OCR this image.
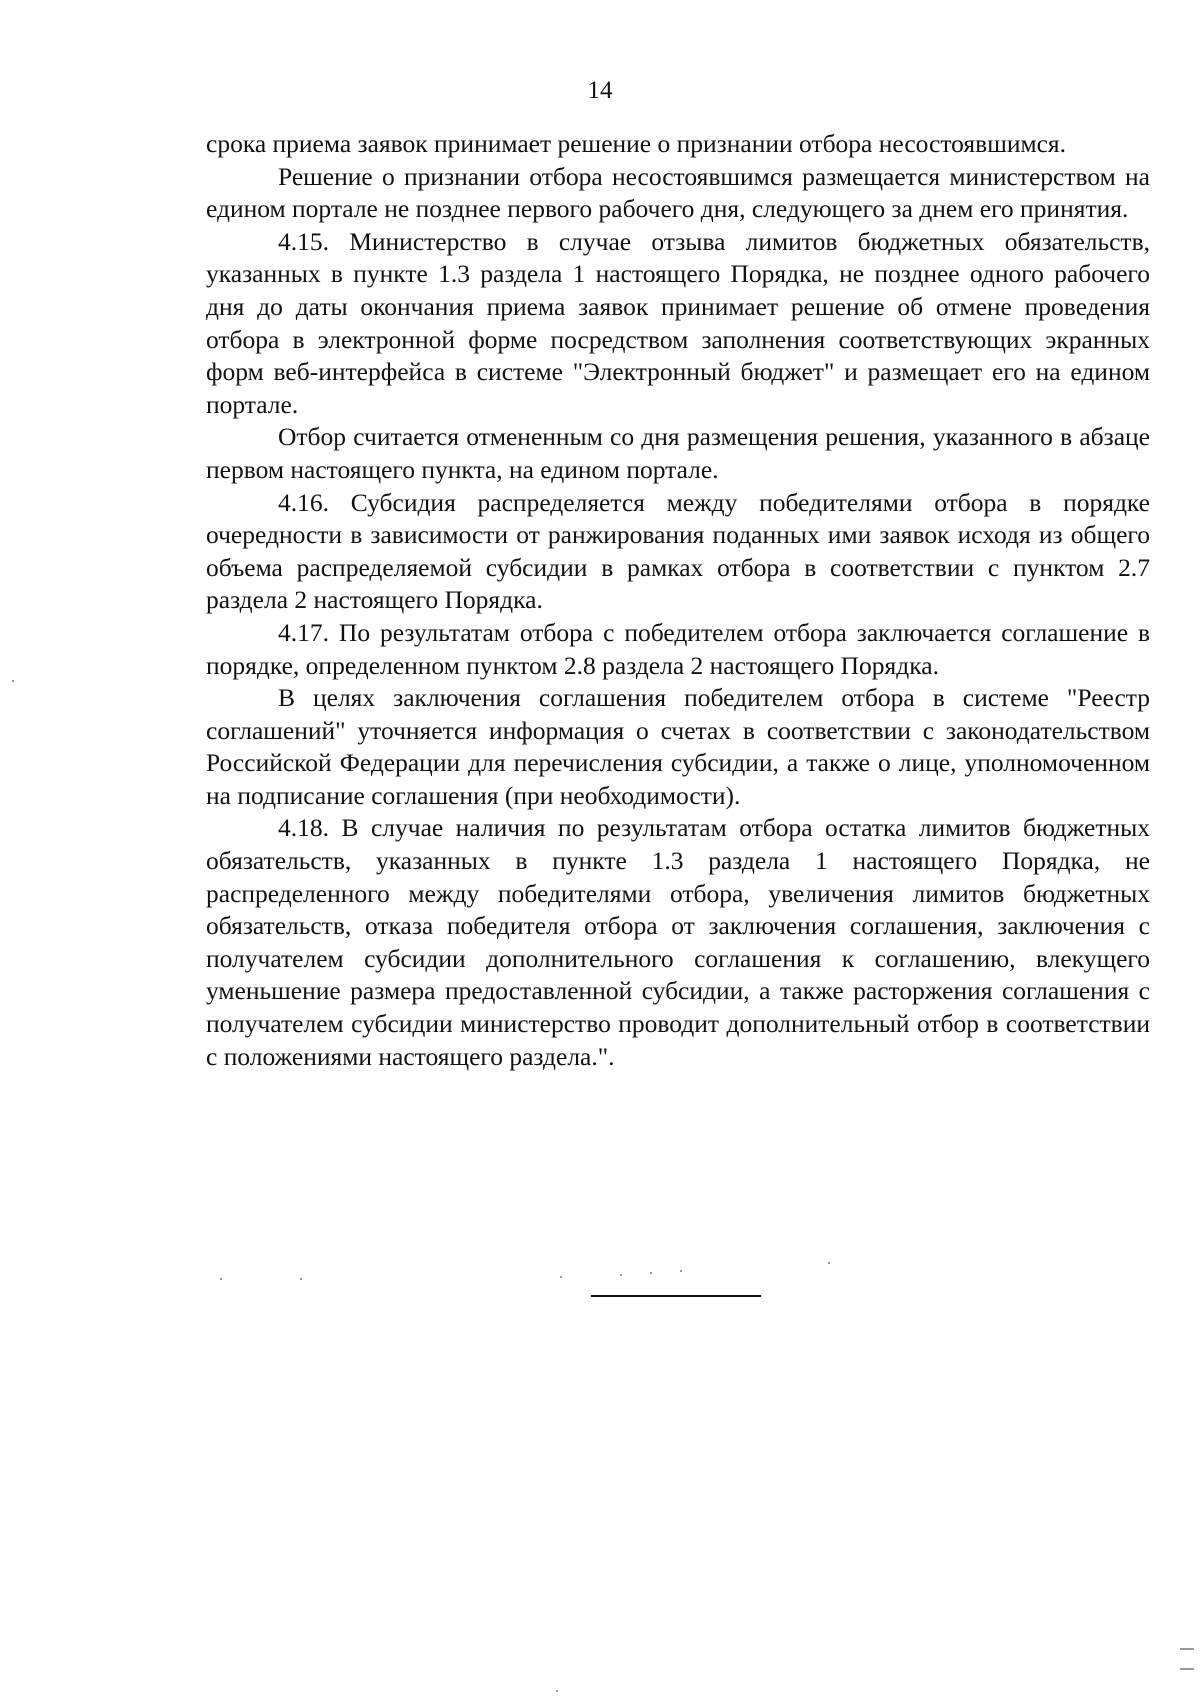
14

срока приема заявок принимает решение о признании отбора несостоявшимся.

Решение о признании отбора несостоявшимся размещается министерством на едином портале не позднее первого рабочего дня, следующего за днем его принятия.

4.15. Министерство в случае отзыва лимитов бюджетных обязательств, указанных в пункте 1.3 раздела 1 настоящего Порядка, не позднее одного рабочего дня до даты окончания приема заявок принимает решение об отмене проведения отбора в электронной форме посредством заполнения соответствующих экранных форм веб-интерфейса в системе "Электронный бюджет" и размещает его на едином портале.

Отбор считается отмененным со дня размещения решения, указанного в абзаце первом настоящего пункта, на едином портале.

4.16. Субсидия распределяется между победителями отбора в порядке очередности в зависимости от ранжирования поданных ими заявок исходя из общего объема распределяемой субсидии в рамках отбора в соответствии с пунктом 2.7 раздела 2 настоящего Порядка.

4.17. По результатам отбора с победителем отбора заключается соглашение в порядке, определенном пунктом 2.8 раздела 2 настоящего Порядка.

В целях заключения соглашения победителем отбора в системе "Реестр соглашений" уточняется информация о счетах в соответствии с законодательством Российской Федерации для перечисления субсидии, а также о лице, уполномоченном на подписание соглашения (при необходимости).

4.18. В случае наличия по результатам отбора остатка лимитов бюджетных обязательств, указанных в пункте 1.3 раздела 1 настоящего Порядка, не распределенного между победителями отбора, увеличения лимитов бюджетных обязательств, отказа победителя отбора от заключения соглашения, заключения с получателем субсидии дополнительного соглашения к соглашению, влекущего уменьшение размера предоставленной субсидии, а также расторжения соглашения с получателем субсидии министерство проводит дополнительный отбор в соответствии с положениями настоящего раздела.".
